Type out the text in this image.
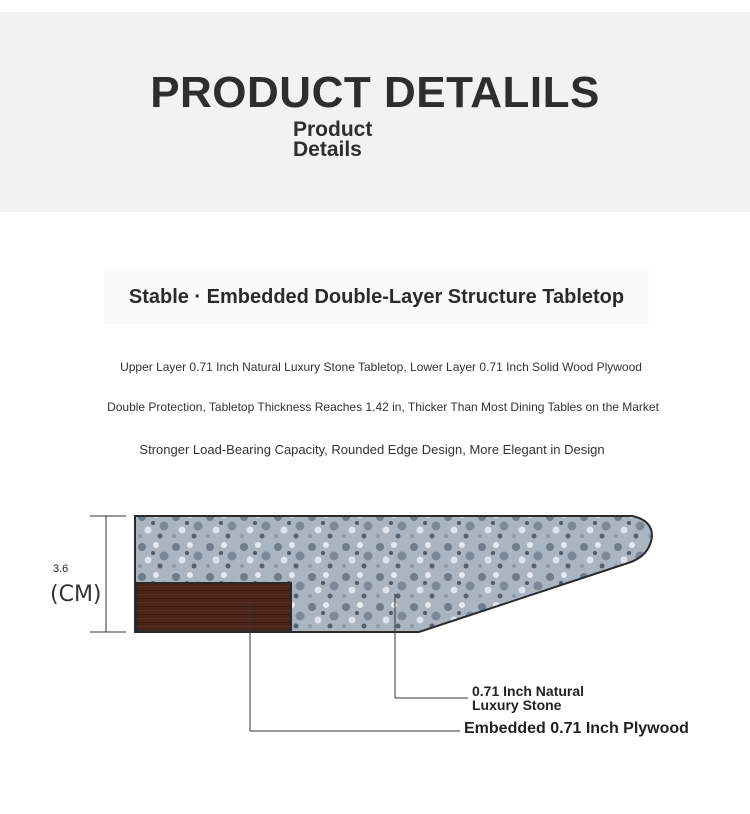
PRODUCT DETALILS
Product
Details
Stable · Embedded Double-Layer Structure Tabletop
Upper Layer 0.71 Inch Natural Luxury Stone Tabletop, Lower Layer 0.71 Inch Solid Wood Plywood
Double Protection, Tabletop Thickness Reaches 1.42 in, Thicker Than Most Dining Tables on the Market
Stronger Load-Bearing Capacity, Rounded Edge Design, More Elegant in Design
3.6
(CM)
0.71 Inch Natural
Luxury Stone
Embedded 0.71 Inch Plywood
